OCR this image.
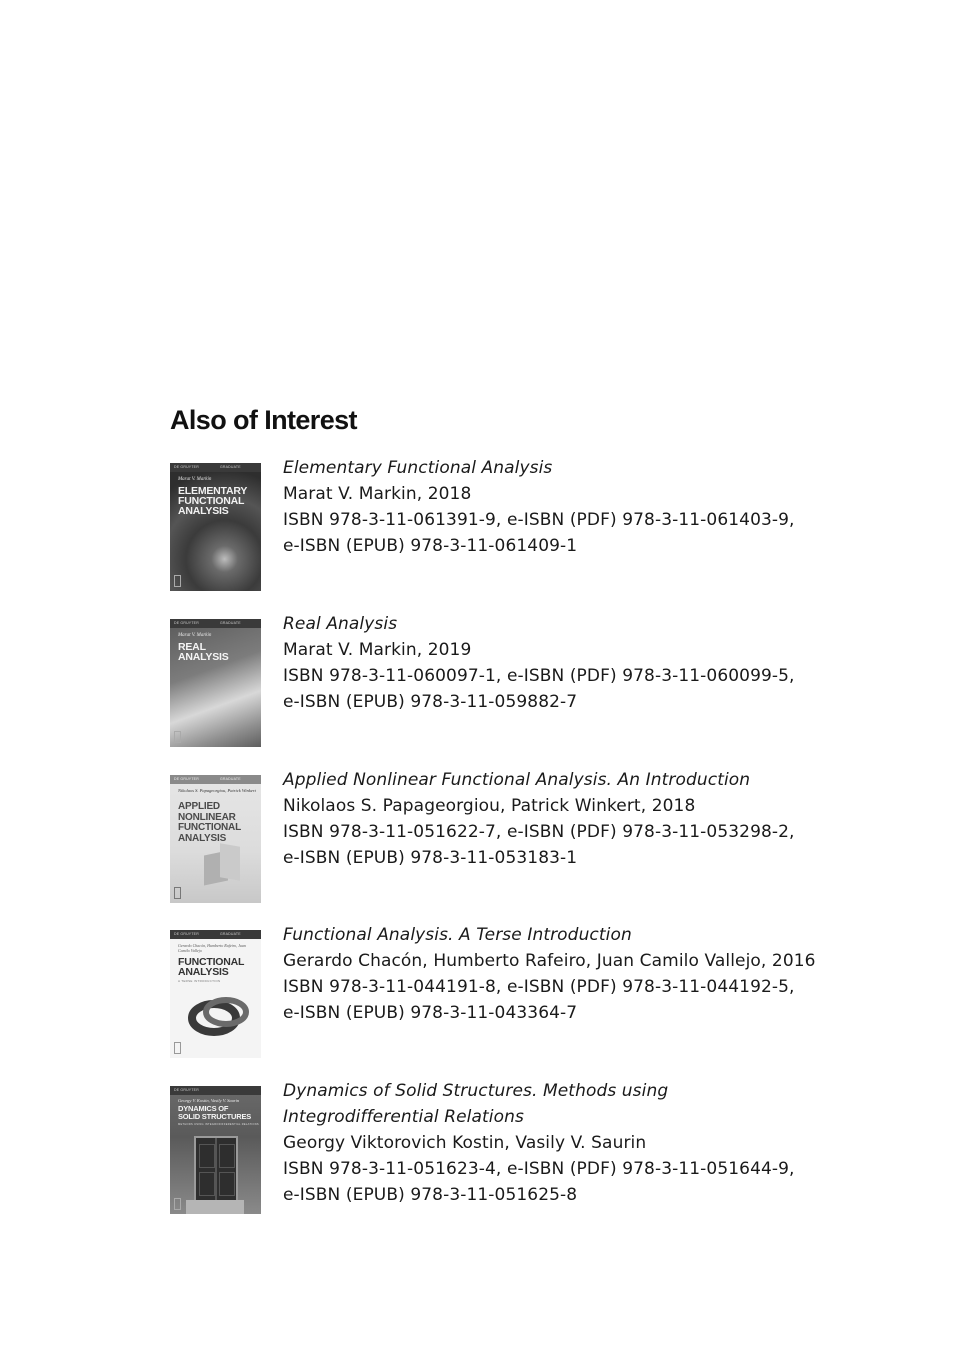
Also of Interest
DE GRUYTER	GRADUATE
Marat V. Markin
ELEMENTARY
FUNCTIONAL
ANALYSIS
Elementary Functional Analysis
Marat V. Markin, 2018
ISBN 978-3-11-061391-9, e-ISBN (PDF) 978-3-11-061403-9,
e-ISBN (EPUB) 978-3-11-061409-1
DE GRUYTER	GRADUATE
Marat V. Markin
REAL
ANALYSIS
Real Analysis
Marat V. Markin, 2019
ISBN 978-3-11-060097-1, e-ISBN (PDF) 978-3-11-060099-5,
e-ISBN (EPUB) 978-3-11-059882-7
DE GRUYTER	GRADUATE
Nikolaos S. Papageorgiou, Patrick Winkert
APPLIED
NONLINEAR
FUNCTIONAL
ANALYSIS
Applied Nonlinear Functional Analysis. An Introduction
Nikolaos S. Papageorgiou, Patrick Winkert, 2018
ISBN 978-3-11-051622-7, e-ISBN (PDF) 978-3-11-053298-2,
e-ISBN (EPUB) 978-3-11-053183-1
DE GRUYTER	GRADUATE
Gerardo Chacón, Humberto Rafeiro, Juan Camilo Vallejo
FUNCTIONAL
ANALYSIS
A TERSE INTRODUCTION
Functional Analysis. A Terse Introduction
Gerardo Chacón, Humberto Rafeiro, Juan Camilo Vallejo, 2016
ISBN 978-3-11-044191-8, e-ISBN (PDF) 978-3-11-044192-5,
e-ISBN (EPUB) 978-3-11-043364-7
DE GRUYTER
Georgy V. Kostin, Vasily V. Saurin
DYNAMICS OF
SOLID STRUCTURES
METHODS USING INTEGRODIFFERENTIAL RELATIONS
Dynamics of Solid Structures. Methods using Integrodifferential Relations
Georgy Viktorovich Kostin, Vasily V. Saurin
ISBN 978-3-11-051623-4, e-ISBN (PDF) 978-3-11-051644-9,
e-ISBN (EPUB) 978-3-11-051625-8
